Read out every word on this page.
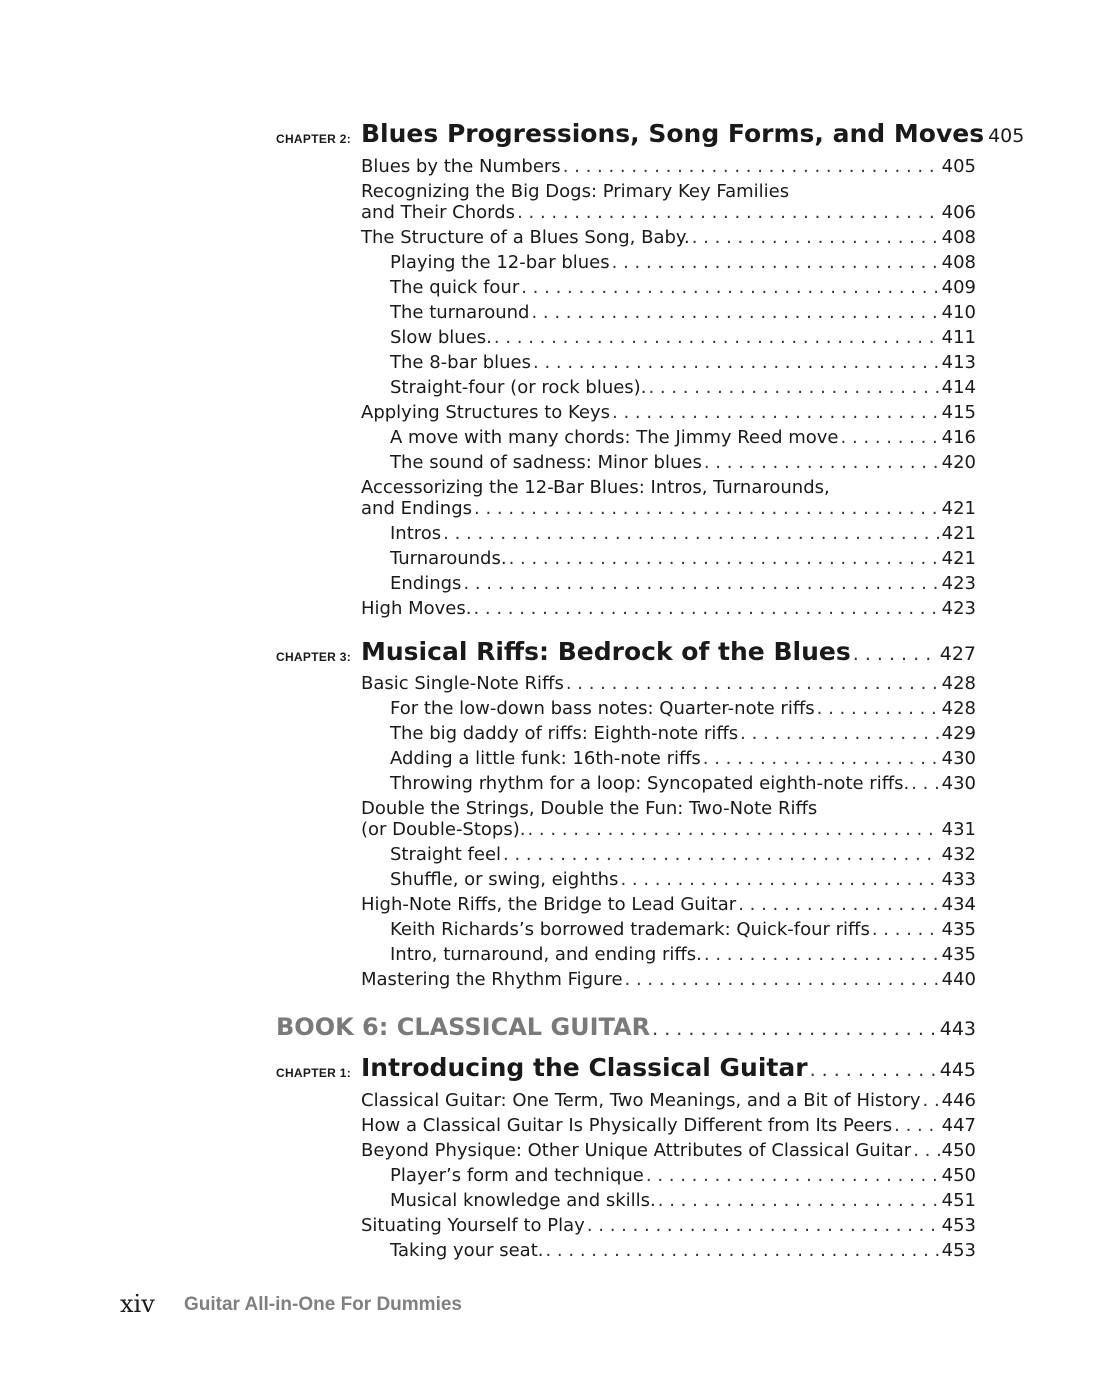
CHAPTER 2: Blues Progressions, Song Forms, and Moves 405
Blues by the Numbers . . .	405
Recognizing the Big Dogs: Primary Key Families
and Their Chords . . .	406
The Structure of a Blues Song, Baby. . . .	408
Playing the 12-bar blues . . .	408
The quick four . . .	409
The turnaround . . .	410
Slow blues. . . .	411
The 8-bar blues . . .	413
Straight-four (or rock blues). . . .	414
Applying Structures to Keys . . .	415
A move with many chords: The Jimmy Reed move . . .	416
The sound of sadness: Minor blues . . .	420
Accessorizing the 12-Bar Blues: Intros, Turnarounds,
and Endings . . .	421
Intros . . .	421
Turnarounds. . . .	421
Endings . . .	423
High Moves. . . .	423
CHAPTER 3: Musical Riffs: Bedrock of the Blues . . .	427
Basic Single-Note Riffs . . .	428
For the low-down bass notes: Quarter-note riffs . . .	428
The big daddy of riffs: Eighth-note riffs . . .	429
Adding a little funk: 16th-note riffs . . .	430
Throwing rhythm for a loop: Syncopated eighth-note riffs. . . . 430
Double the Strings, Double the Fun: Two-Note Riffs
(or Double-Stops). . . .	431
Straight feel . . .	432
Shuffle, or swing, eighths . . .	433
High-Note Riffs, the Bridge to Lead Guitar . . .	434
Keith Richards’s borrowed trademark: Quick-four riffs . . .	435
Intro, turnaround, and ending riffs. . . .	435
Mastering the Rhythm Figure . . .	440
BOOK 6: CLASSICAL GUITAR . . .	443
CHAPTER 1: Introducing the Classical Guitar . . .	445
Classical Guitar: One Term, Two Meanings, and a Bit of History . . . 446
How a Classical Guitar Is Physically Different from Its Peers . . .	447
Beyond Physique: Other Unique Attributes of Classical Guitar . . . 450
Player’s form and technique . . .	450
Musical knowledge and skills. . . .	451
Situating Yourself to Play . . .	453
Taking your seat. . . .	453
xiv Guitar All-in-One For Dummies
